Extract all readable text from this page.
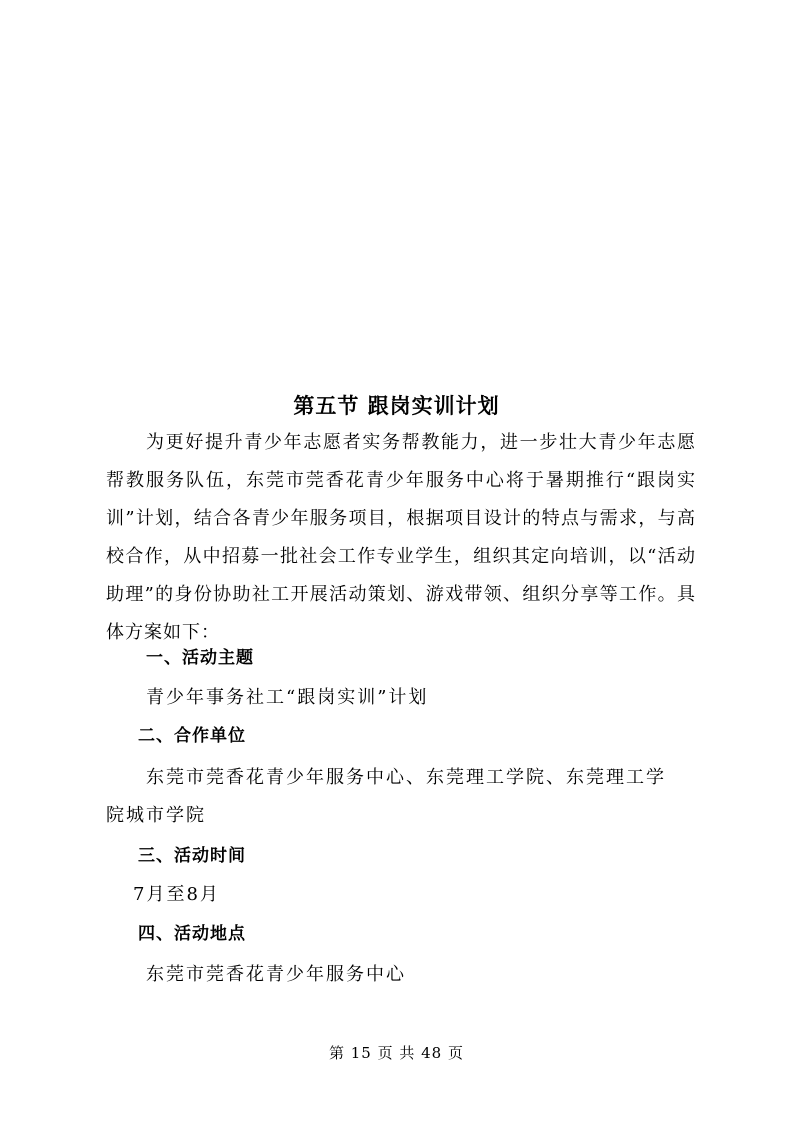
第五节 跟岗实训计划
为更好提升青少年志愿者实务帮教能力，进一步壮大青少年志愿帮教服务队伍，东莞市莞香花青少年服务中心将于暑期推行“跟岗实训”计划，结合各青少年服务项目，根据项目设计的特点与需求，与高校合作，从中招募一批社会工作专业学生，组织其定向培训，以“活动助理”的身份协助社工开展活动策划、游戏带领、组织分享等工作。具体方案如下：
一、活动主题
青少年事务社工“跟岗实训”计划
二、合作单位
东莞市莞香花青少年服务中心、东莞理工学院、东莞理工学
院城市学院
三、活动时间
7月至8月
四、活动地点
东莞市莞香花青少年服务中心
第 15 页 共 48 页
